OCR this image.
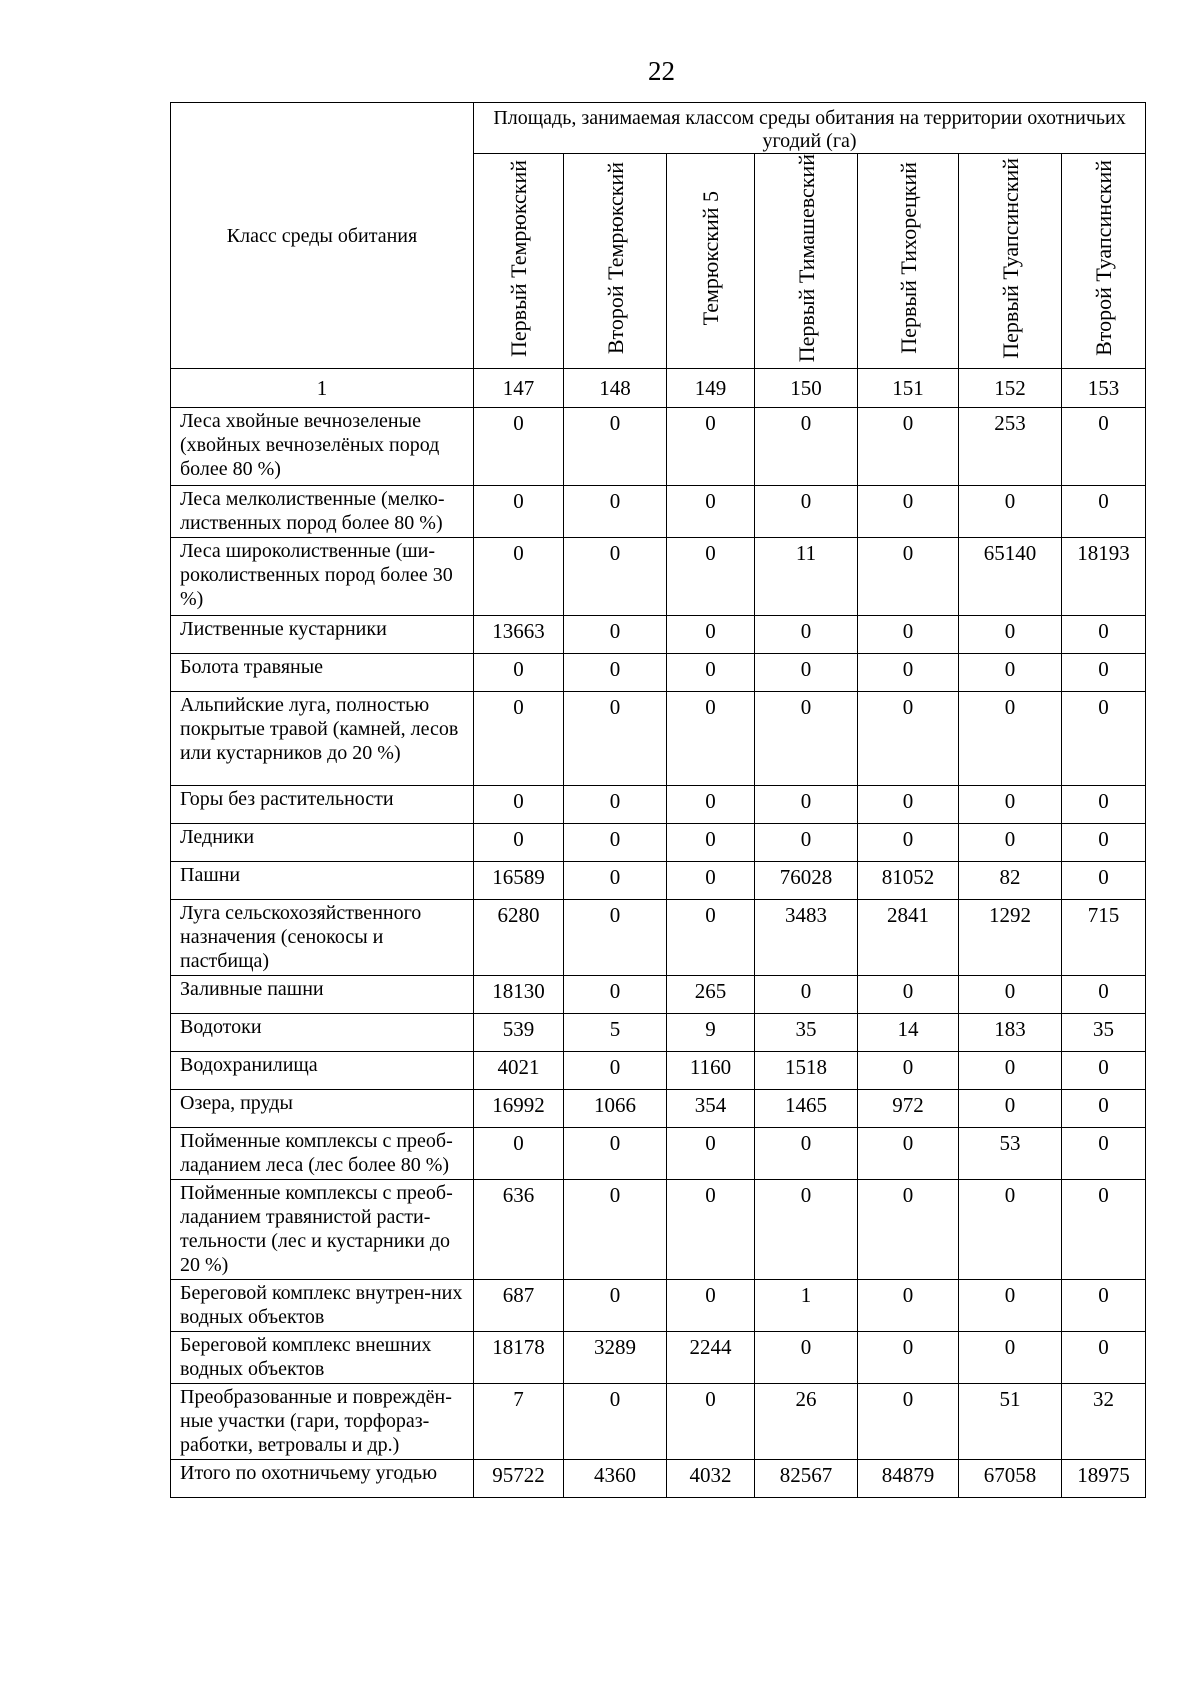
22
Класс среды обитания	Площадь, занимаемая классом среды обитания на территории охотничьих угодий (га)						
	Первый Темрюкский	Второй Темрюкский	Темрюкский 5	Первый Тимашевский	Первый Тихорецкий	Первый Туапсинский	Второй Туапсинский
1	147	148	149	150	151	152	153
Леса хвойные вечнозеленые (хвойных вечнозелёных пород более 80 %)	0	0	0	0	0	253	0
Леса мелколиственные (мелко-лиственных пород более 80 %)	0	0	0	0	0	0	0
Леса широколиственные (ши-роколиственных пород более 30 %)	0	0	0	11	0	65140	18193
Лиственные кустарники	13663	0	0	0	0	0	0
Болота травяные	0	0	0	0	0	0	0
Альпийские луга, полностью покрытые травой (камней, лесов или кустарников до 20 %)	0	0	0	0	0	0	0
Горы без растительности	0	0	0	0	0	0	0
Ледники	0	0	0	0	0	0	0
Пашни	16589	0	0	76028	81052	82	0
Луга сельскохозяйственного назначения (сенокосы и пастбища)	6280	0	0	3483	2841	1292	715
Заливные пашни	18130	0	265	0	0	0	0
Водотоки	539	5	9	35	14	183	35
Водохранилища	4021	0	1160	1518	0	0	0
Озера, пруды	16992	1066	354	1465	972	0	0
Пойменные комплексы с преоб-ладанием леса (лес более 80 %)	0	0	0	0	0	53	0
Пойменные комплексы с преоб-ладанием травянистой расти-тельности (лес и кустарники до 20 %)	636	0	0	0	0	0	0
Береговой комплекс внутрен-них водных объектов	687	0	0	1	0	0	0
Береговой комплекс внешних водных объектов	18178	3289	2244	0	0	0	0
Преобразованные и повреждён-ные участки (гари, торфораз-работки, ветровалы и др.)	7	0	0	26	0	51	32
Итого по охотничьему угодью	95722	4360	4032	82567	84879	67058	18975
